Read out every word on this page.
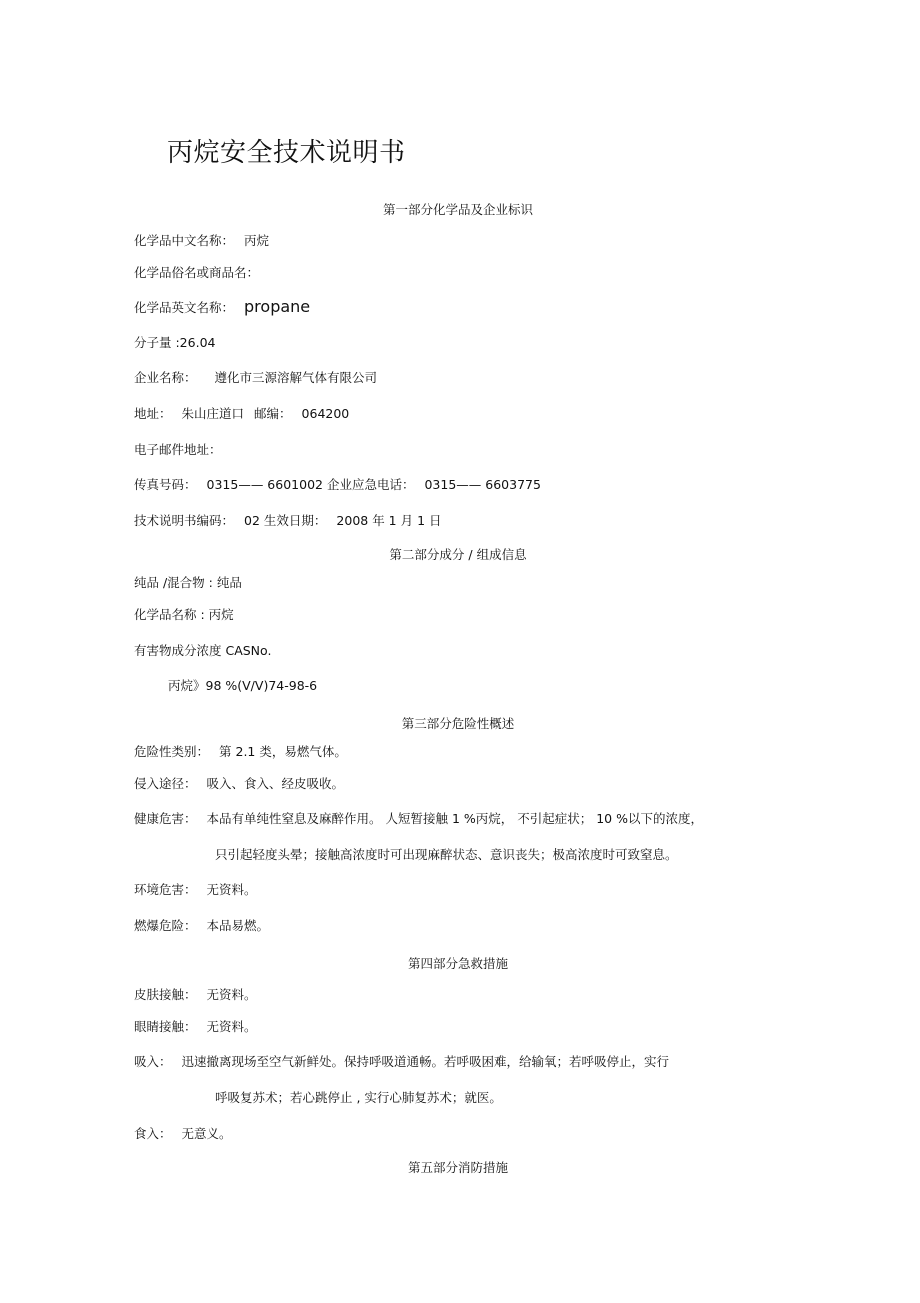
丙烷安全技术说明书
第一部分化学品及企业标识
化学品中文名称： 丙烷
化学品俗名或商品名：
化学品英文名称： propane
分子量 :26.04
企业名称： 遵化市三源溶解气体有限公司
地址： 朱山庄道口 邮编： 064200
电子邮件地址：
传真号码： 0315—— 6601002 企业应急电话： 0315—— 6603775
技术说明书编码： 02 生效日期： 2008 年 1 月 1 日
第二部分成分 / 组成信息
纯品 /混合物 : 纯品
化学品名称 : 丙烷
有害物成分浓度 CASNo.
丙烷》98 %(V/V)74-98-6
第三部分危险性概述
危险性类别： 第 2.1 类，易燃气体。
侵入途径： 吸入、食入、经皮吸收。
健康危害： 本品有单纯性窒息及麻醉作用。 人短暂接触 1 %丙烷， 不引起症状； 10 %以下的浓度，
只引起轻度头晕；接触高浓度时可出现麻醉状态、意识丧失；极高浓度时可致窒息。
环境危害： 无资料。
燃爆危险： 本品易燃。
第四部分急救措施
皮肤接触： 无资料。
眼睛接触： 无资料。
吸入： 迅速撤离现场至空气新鲜处。保持呼吸道通畅。若呼吸困难，给输氧；若呼吸停止，实行
呼吸复苏术；若心跳停止 , 实行心肺复苏术；就医。
食入： 无意义。
第五部分消防措施
